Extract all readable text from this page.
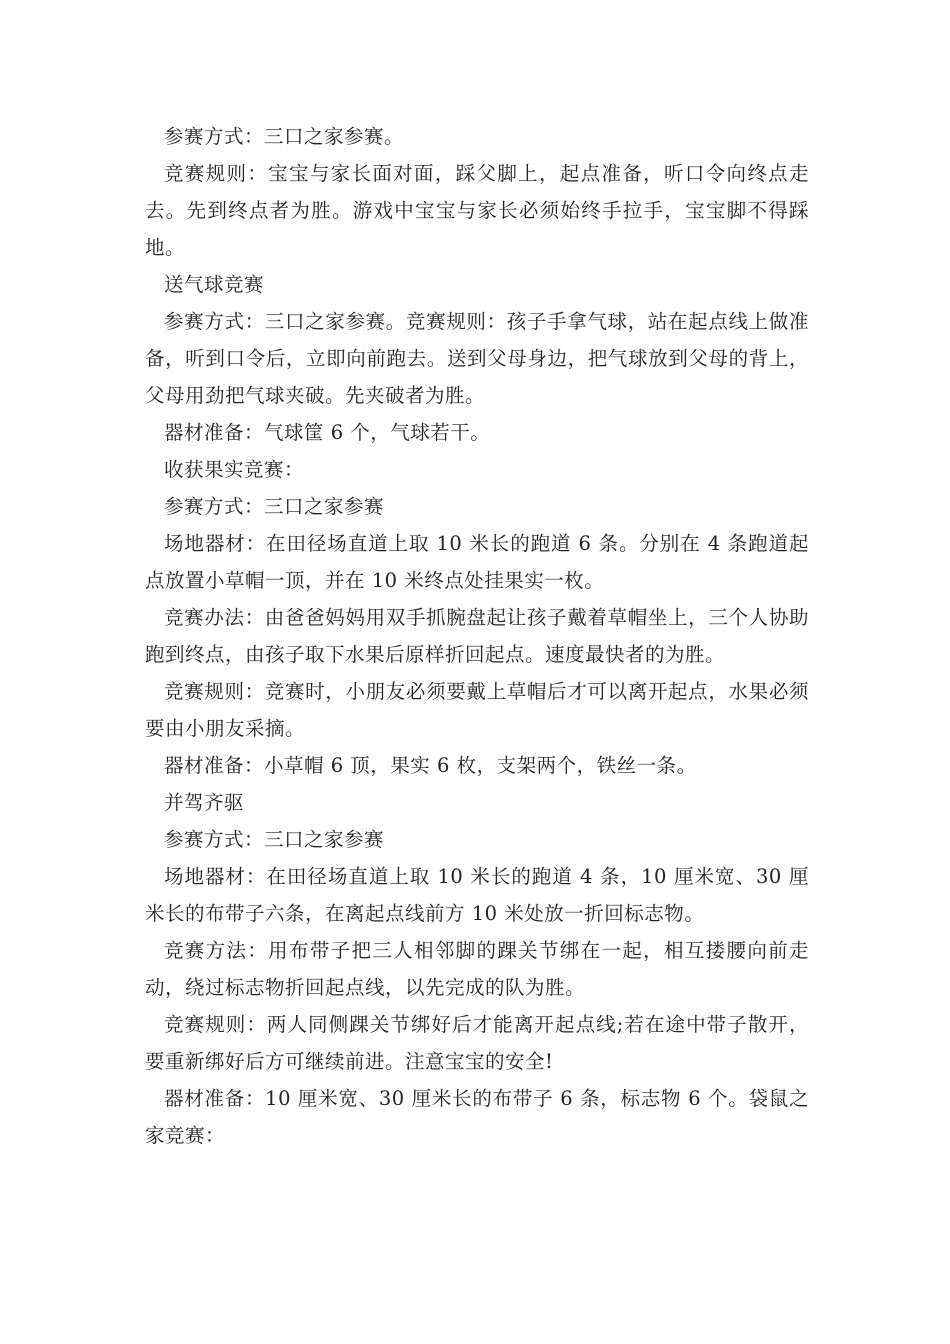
参赛方式：三口之家参赛。

竞赛规则：宝宝与家长面对面，踩父脚上，起点准备，听口令向终点走去。先到终点者为胜。游戏中宝宝与家长必须始终手拉手，宝宝脚不得踩地。

送气球竞赛

参赛方式：三口之家参赛。竞赛规则：孩子手拿气球，站在起点线上做准备，听到口令后，立即向前跑去。送到父母身边，把气球放到父母的背上，父母用劲把气球夹破。先夹破者为胜。

器材准备：气球筐 6 个，气球若干。

收获果实竞赛：

参赛方式：三口之家参赛

场地器材：在田径场直道上取 10 米长的跑道 6 条。分别在 4 条跑道起点放置小草帽一顶，并在 10 米终点处挂果实一枚。

竞赛办法：由爸爸妈妈用双手抓腕盘起让孩子戴着草帽坐上，三个人协助跑到终点，由孩子取下水果后原样折回起点。速度最快者的为胜。

竞赛规则：竞赛时，小朋友必须要戴上草帽后才可以离开起点，水果必须要由小朋友采摘。

器材准备：小草帽 6 顶，果实 6 枚，支架两个，铁丝一条。

并驾齐驱

参赛方式：三口之家参赛

场地器材：在田径场直道上取 10 米长的跑道 4 条，10 厘米宽、30 厘米长的布带子六条，在离起点线前方 10 米处放一折回标志物。

竞赛方法：用布带子把三人相邻脚的踝关节绑在一起，相互搂腰向前走动，绕过标志物折回起点线，以先完成的队为胜。

竞赛规则：两人同侧踝关节绑好后才能离开起点线;若在途中带子散开，要重新绑好后方可继续前进。注意宝宝的安全!

器材准备：10 厘米宽、30 厘米长的布带子 6 条，标志物 6 个。袋鼠之家竞赛：
